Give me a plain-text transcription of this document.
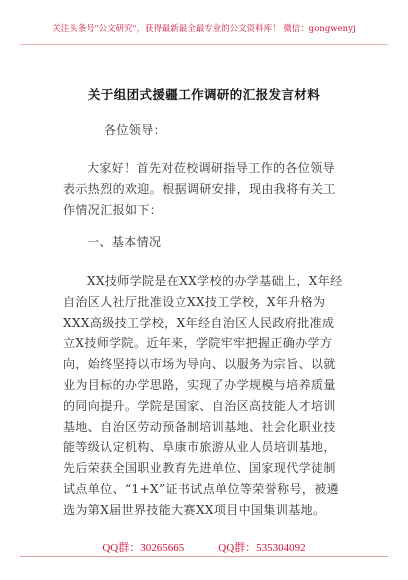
关注头条号"公文研究"，获得最新最全最专业的公文资料库！ 微信：gongwenyj
关于组团式援疆工作调研的汇报发言材料
各位领导：
大家好！首先对莅校调研指导工作的各位领导表示热烈的欢迎。根据调研安排，现由我将有关工作情况汇报如下：
一、基本情况
XX技师学院是在XX学校的办学基础上，X年经自治区人社厅批准设立XX技工学校，X年升格为XXX高级技工学校，X年经自治区人民政府批准成立X技师学院。近年来，学院牢牢把握正确办学方向，始终坚持以市场为导向、以服务为宗旨、以就业为目标的办学思路，实现了办学规模与培养质量的同向提升。学院是国家、自治区高技能人才培训基地、自治区劳动预备制培训基地、社会化职业技能等级认定机构、阜康市旅游从业人员培训基地，先后荣获全国职业教育先进单位、国家现代学徒制试点单位、“1+X”证书试点单位等荣誉称号，被遴选为第X届世界技能大赛XX项目中国集训基地。
QQ群：30265665	QQ群：535304092
